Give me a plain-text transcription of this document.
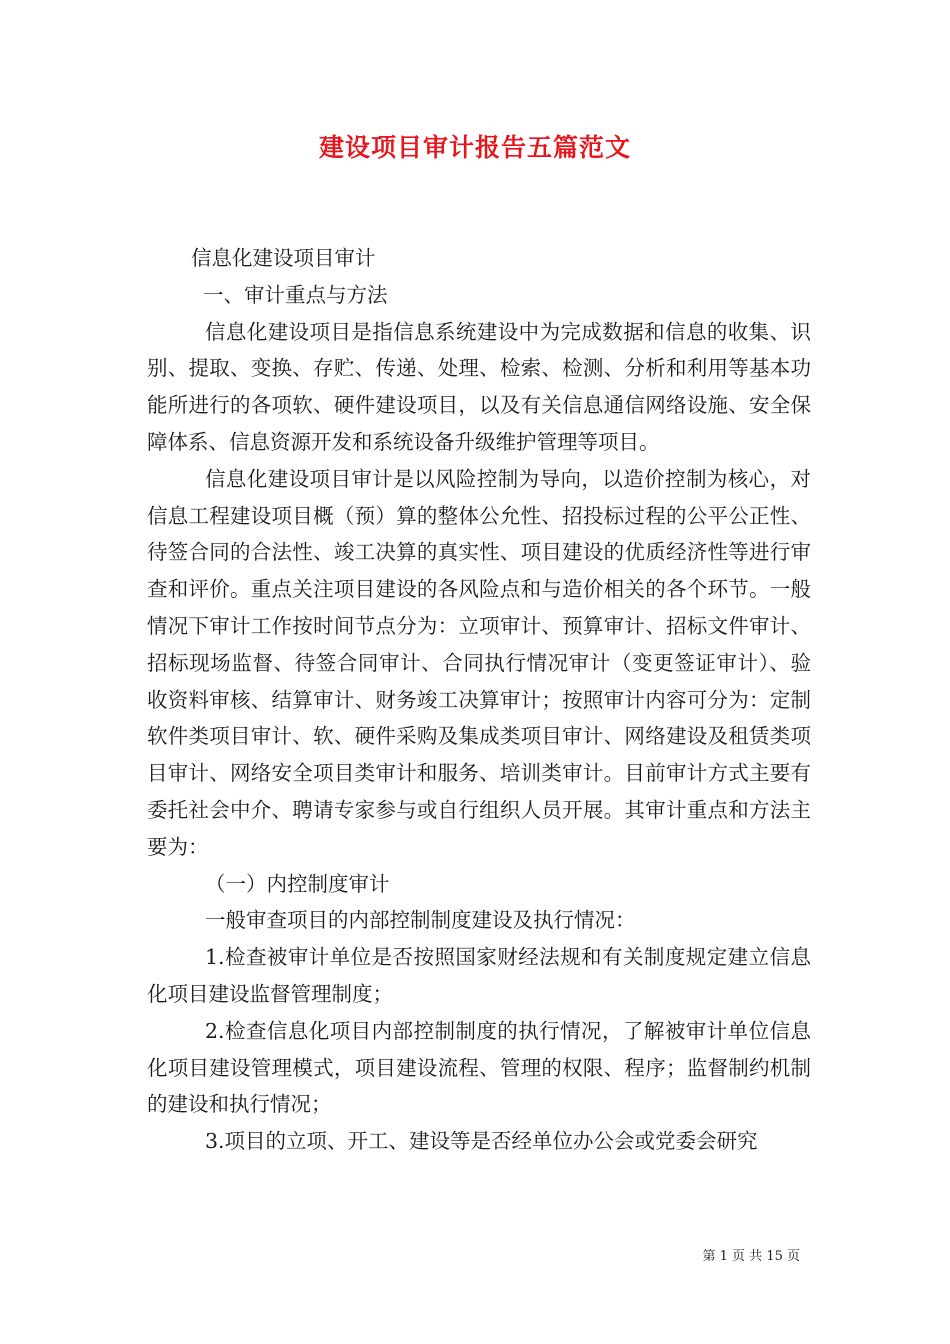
建设项目审计报告五篇范文

信息化建设项目审计

一、审计重点与方法

信息化建设项目是指信息系统建设中为完成数据和信息的收集、识别、提取、变换、存贮、传递、处理、检索、检测、分析和利用等基本功能所进行的各项软、硬件建设项目，以及有关信息通信网络设施、安全保障体系、信息资源开发和系统设备升级维护管理等项目。

信息化建设项目审计是以风险控制为导向，以造价控制为核心，对信息工程建设项目概（预）算的整体公允性、招投标过程的公平公正性、待签合同的合法性、竣工决算的真实性、项目建设的优质经济性等进行审查和评价。重点关注项目建设的各风险点和与造价相关的各个环节。一般情况下审计工作按时间节点分为：立项审计、预算审计、招标文件审计、招标现场监督、待签合同审计、合同执行情况审计（变更签证审计）、验收资料审核、结算审计、财务竣工决算审计；按照审计内容可分为：定制软件类项目审计、软、硬件采购及集成类项目审计、网络建设及租赁类项目审计、网络安全项目类审计和服务、培训类审计。目前审计方式主要有委托社会中介、聘请专家参与或自行组织人员开展。其审计重点和方法主要为：

（一）内控制度审计

一般审查项目的内部控制制度建设及执行情况：

1.检查被审计单位是否按照国家财经法规和有关制度规定建立信息化项目建设监督管理制度；

2.检查信息化项目内部控制制度的执行情况，了解被审计单位信息化项目建设管理模式，项目建设流程、管理的权限、程序；监督制约机制的建设和执行情况；

3.项目的立项、开工、建设等是否经单位办公会或党委会研究

第 1 页 共 15 页
